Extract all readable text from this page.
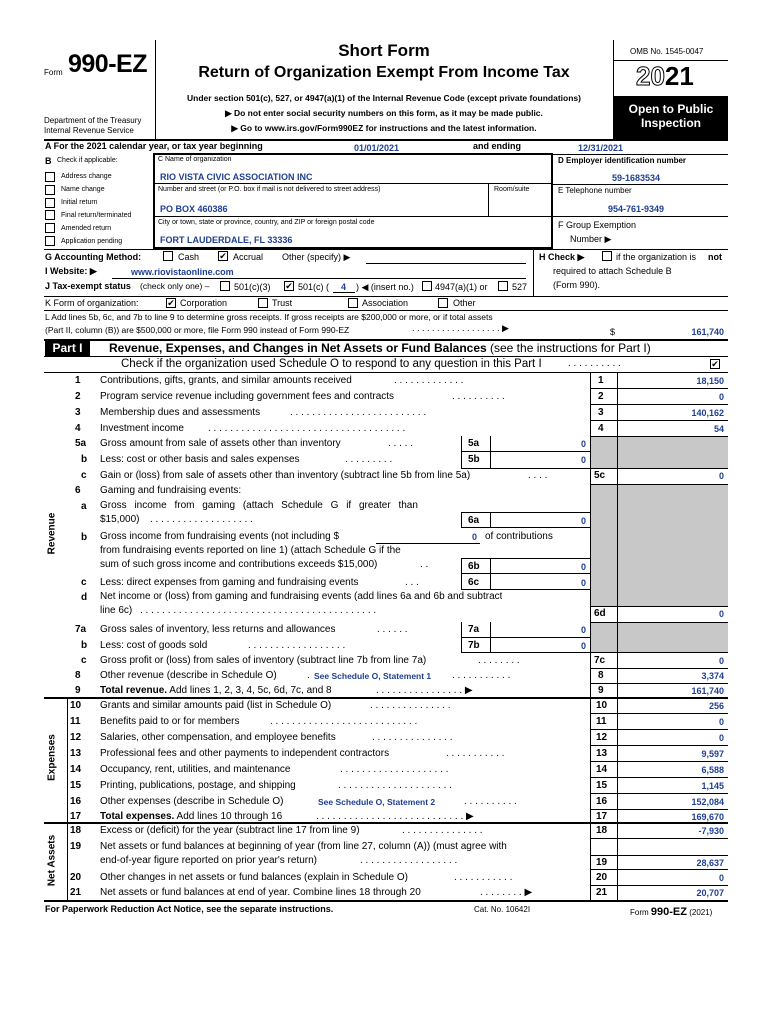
Form 990-EZ
Department of the Treasury
Internal Revenue Service
Short Form
Return of Organization Exempt From Income Tax
Under section 501(c), 527, or 4947(a)(1) of the Internal Revenue Code (except private foundations)
▶ Do not enter social security numbers on this form, as it may be made public.
▶ Go to www.irs.gov/Form990EZ for instructions and the latest information.
OMB No. 1545-0047
2021
Open to Public
Inspection
A For the 2021 calendar year, or tax year beginning	01/01/2021	and ending	12/31/2021
B Check if applicable:
Address change
Name change
Initial return
Final return/terminated
Amended return
Application pending
C Name of organization
RIO VISTA CIVIC ASSOCIATION INC
Number and street (or P.O. box if mail is not delivered to street address)	Room/suite
PO BOX 460386
City or town, state or province, country, and ZIP or foreign postal code
FORT LAUDERDALE, FL 33336
D Employer identification number
59-1683534
E Telephone number
954-761-9349
F Group Exemption
Number ▶
G Accounting Method:	Cash ✔ Accrual Other (specify) ▶	H Check ▶	if the organization is not
required to attach Schedule B
(Form 990).
I Website: ▶	www.riovistaonline.com
J Tax-exempt status (check only one) –	501(c)(3) ✔ 501(c) ( 4 ) ◀ (insert no.) 4947(a)(1) or	527
K Form of organization:	✔ Corporation	Trust	Association	Other
L Add lines 5b, 6c, and 7b to line 9 to determine gross receipts. If gross receipts are $200,000 or more, or if total assets
(Part II, column (B)) are $500,000 or more, file Form 990 instead of Form 990-EZ	. . . . . . . . . . . . . . . . . . ▶	$	161,740
Part I	Revenue, Expenses, and Changes in Net Assets or Fund Balances (see the instructions for Part I)
Check if the organization used Schedule O to respond to any question in this Part I	. . . . . . . . . .	✔
Revenue
Expenses
Net Assets
1 Contributions, gifts, grants, and similar amounts received	. . . . . . . . . . . . .	1	18,150
2 Program service revenue including government fees and contracts	. . . . . . . . . .	2	0
3 Membership dues and assessments	. . . . . . . . . . . . . . . . . . . . . . . . .	3	140,162
4 Investment income . . . . . . . . . . . . . . . . . . . . . . . . . . . . . . . . . . . .	4	54
5a Gross amount from sale of assets other than inventory	. . . . .	5a	0
b Less: cost or other basis and sales expenses	. . . . . . . . .	5b	0
c Gain or (loss) from sale of assets other than inventory (subtract line 5b from line 5a)	. . . .	5c	0
6 Gaming and fundraising events:
a Gross income from gaming (attach Schedule G if greater than
$15,000) . . . . . . . . . . . . . . . . . . .	6a	0
b Gross income from fundraising events (not including $	0 of contributions
from fundraising events reported on line 1) (attach Schedule G if the
sum of such gross income and contributions exceeds $15,000)	. .	6b	0
c Less: direct expenses from gaming and fundraising events	. . .	6c	0
d Net income or (loss) from gaming and fundraising events (add lines 6a and 6b and subtract
line 6c) . . . . . . . . . . . . . . . . . . . . . . . . . . . . . . . . . . . . . . . . . . .	6d	0
7a Gross sales of inventory, less returns and allowances	. . . . . .	7a	0
b Less: cost of goods sold	. . . . . . . . . . . . . . . . . .	7b	0
c Gross profit or (loss) from sales of inventory (subtract line 7b from line 7a)	. . . . . . . .	7c	0
8 Other revenue (describe in Schedule O)	. See Schedule O, Statement 1 . . . . . . . . . . .	8	3,374
9 Total revenue. Add lines 1, 2, 3, 4, 5c, 6d, 7c, and 8	. . . . . . . . . . . . . . . . ▶	9	161,740
10 Grants and similar amounts paid (list in Schedule O)	. . . . . . . . . . . . . . .	10	256
11 Benefits paid to or for members	. . . . . . . . . . . . . . . . . . . . . . . . . . .	11	0
12 Salaries, other compensation, and employee benefits	. . . . . . . . . . . . . . .	12	0
13 Professional fees and other payments to independent contractors	. . . . . . . . . . .	13	9,597
14 Occupancy, rent, utilities, and maintenance	. . . . . . . . . . . . . . . . . . . .	14	6,588
15 Printing, publications, postage, and shipping	. . . . . . . . . . . . . . . . . . . . .	15	1,145
16 Other expenses (describe in Schedule O)	See Schedule O, Statement 2	. . . . . . . . . .	16	152,084
17 Total expenses. Add lines 10 through 16	. . . . . . . . . . . . . . . . . . . . . . . . . . . ▶	17	169,670
18 Excess or (deficit) for the year (subtract line 17 from line 9)	. . . . . . . . . . . . . . .	18	-7,930
19 Net assets or fund balances at beginning of year (from line 27, column (A)) (must agree with
end-of-year figure reported on prior year's return)	. . . . . . . . . . . . . . . . . .	19	28,637
20 Other changes in net assets or fund balances (explain in Schedule O)	. . . . . . . . . . .	20	0
21 Net assets or fund balances at end of year. Combine lines 18 through 20	. . . . . . . . ▶	21	20,707
For Paperwork Reduction Act Notice, see the separate instructions.	Cat. No. 10642I	Form 990-EZ (2021)
